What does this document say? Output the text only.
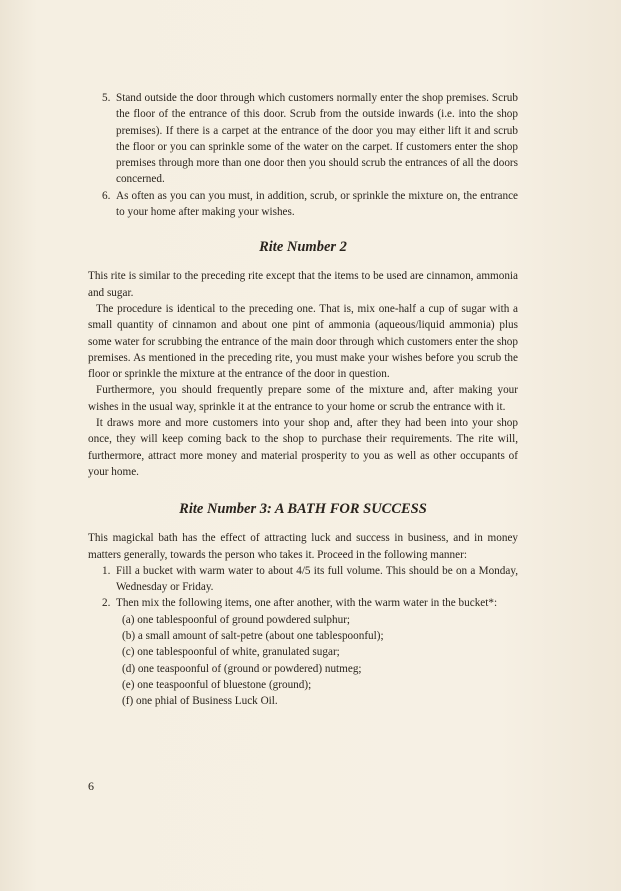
5. Stand outside the door through which customers normally enter the shop premises. Scrub the floor of the entrance of this door. Scrub from the outside inwards (i.e. into the shop premises). If there is a carpet at the entrance of the door you may either lift it and scrub the floor or you can sprinkle some of the water on the carpet. If customers enter the shop premises through more than one door then you should scrub the entrances of all the doors concerned.
6. As often as you can you must, in addition, scrub, or sprinkle the mixture on, the entrance to your home after making your wishes.
Rite Number 2

This rite is similar to the preceding rite except that the items to be used are cinnamon, ammonia and sugar.

The procedure is identical to the preceding one. That is, mix one-half a cup of sugar with a small quantity of cinnamon and about one pint of ammonia (aqueous/liquid ammonia) plus some water for scrubbing the entrance of the main door through which customers enter the shop premises. As mentioned in the preceding rite, you must make your wishes before you scrub the floor or sprinkle the mixture at the entrance of the door in question.

Furthermore, you should frequently prepare some of the mixture and, after making your wishes in the usual way, sprinkle it at the entrance to your home or scrub the entrance with it.

It draws more and more customers into your shop and, after they had been into your shop once, they will keep coming back to the shop to purchase their requirements. The rite will, furthermore, attract more money and material prosperity to you as well as other occupants of your home.

Rite Number 3: A BATH FOR SUCCESS

This magickal bath has the effect of attracting luck and success in business, and in money matters generally, towards the person who takes it. Proceed in the following manner:

1. Fill a bucket with warm water to about 4/5 its full volume. This should be on a Monday, Wednesday or Friday.
2. Then mix the following items, one after another, with the warm water in the bucket*:
(a) one tablespoonful of ground powdered sulphur;
(b) a small amount of salt-petre (about one tablespoonful);
(c) one tablespoonful of white, granulated sugar;
(d) one teaspoonful of (ground or powdered) nutmeg;
(e) one teaspoonful of bluestone (ground);
(f) one phial of Business Luck Oil.
6
